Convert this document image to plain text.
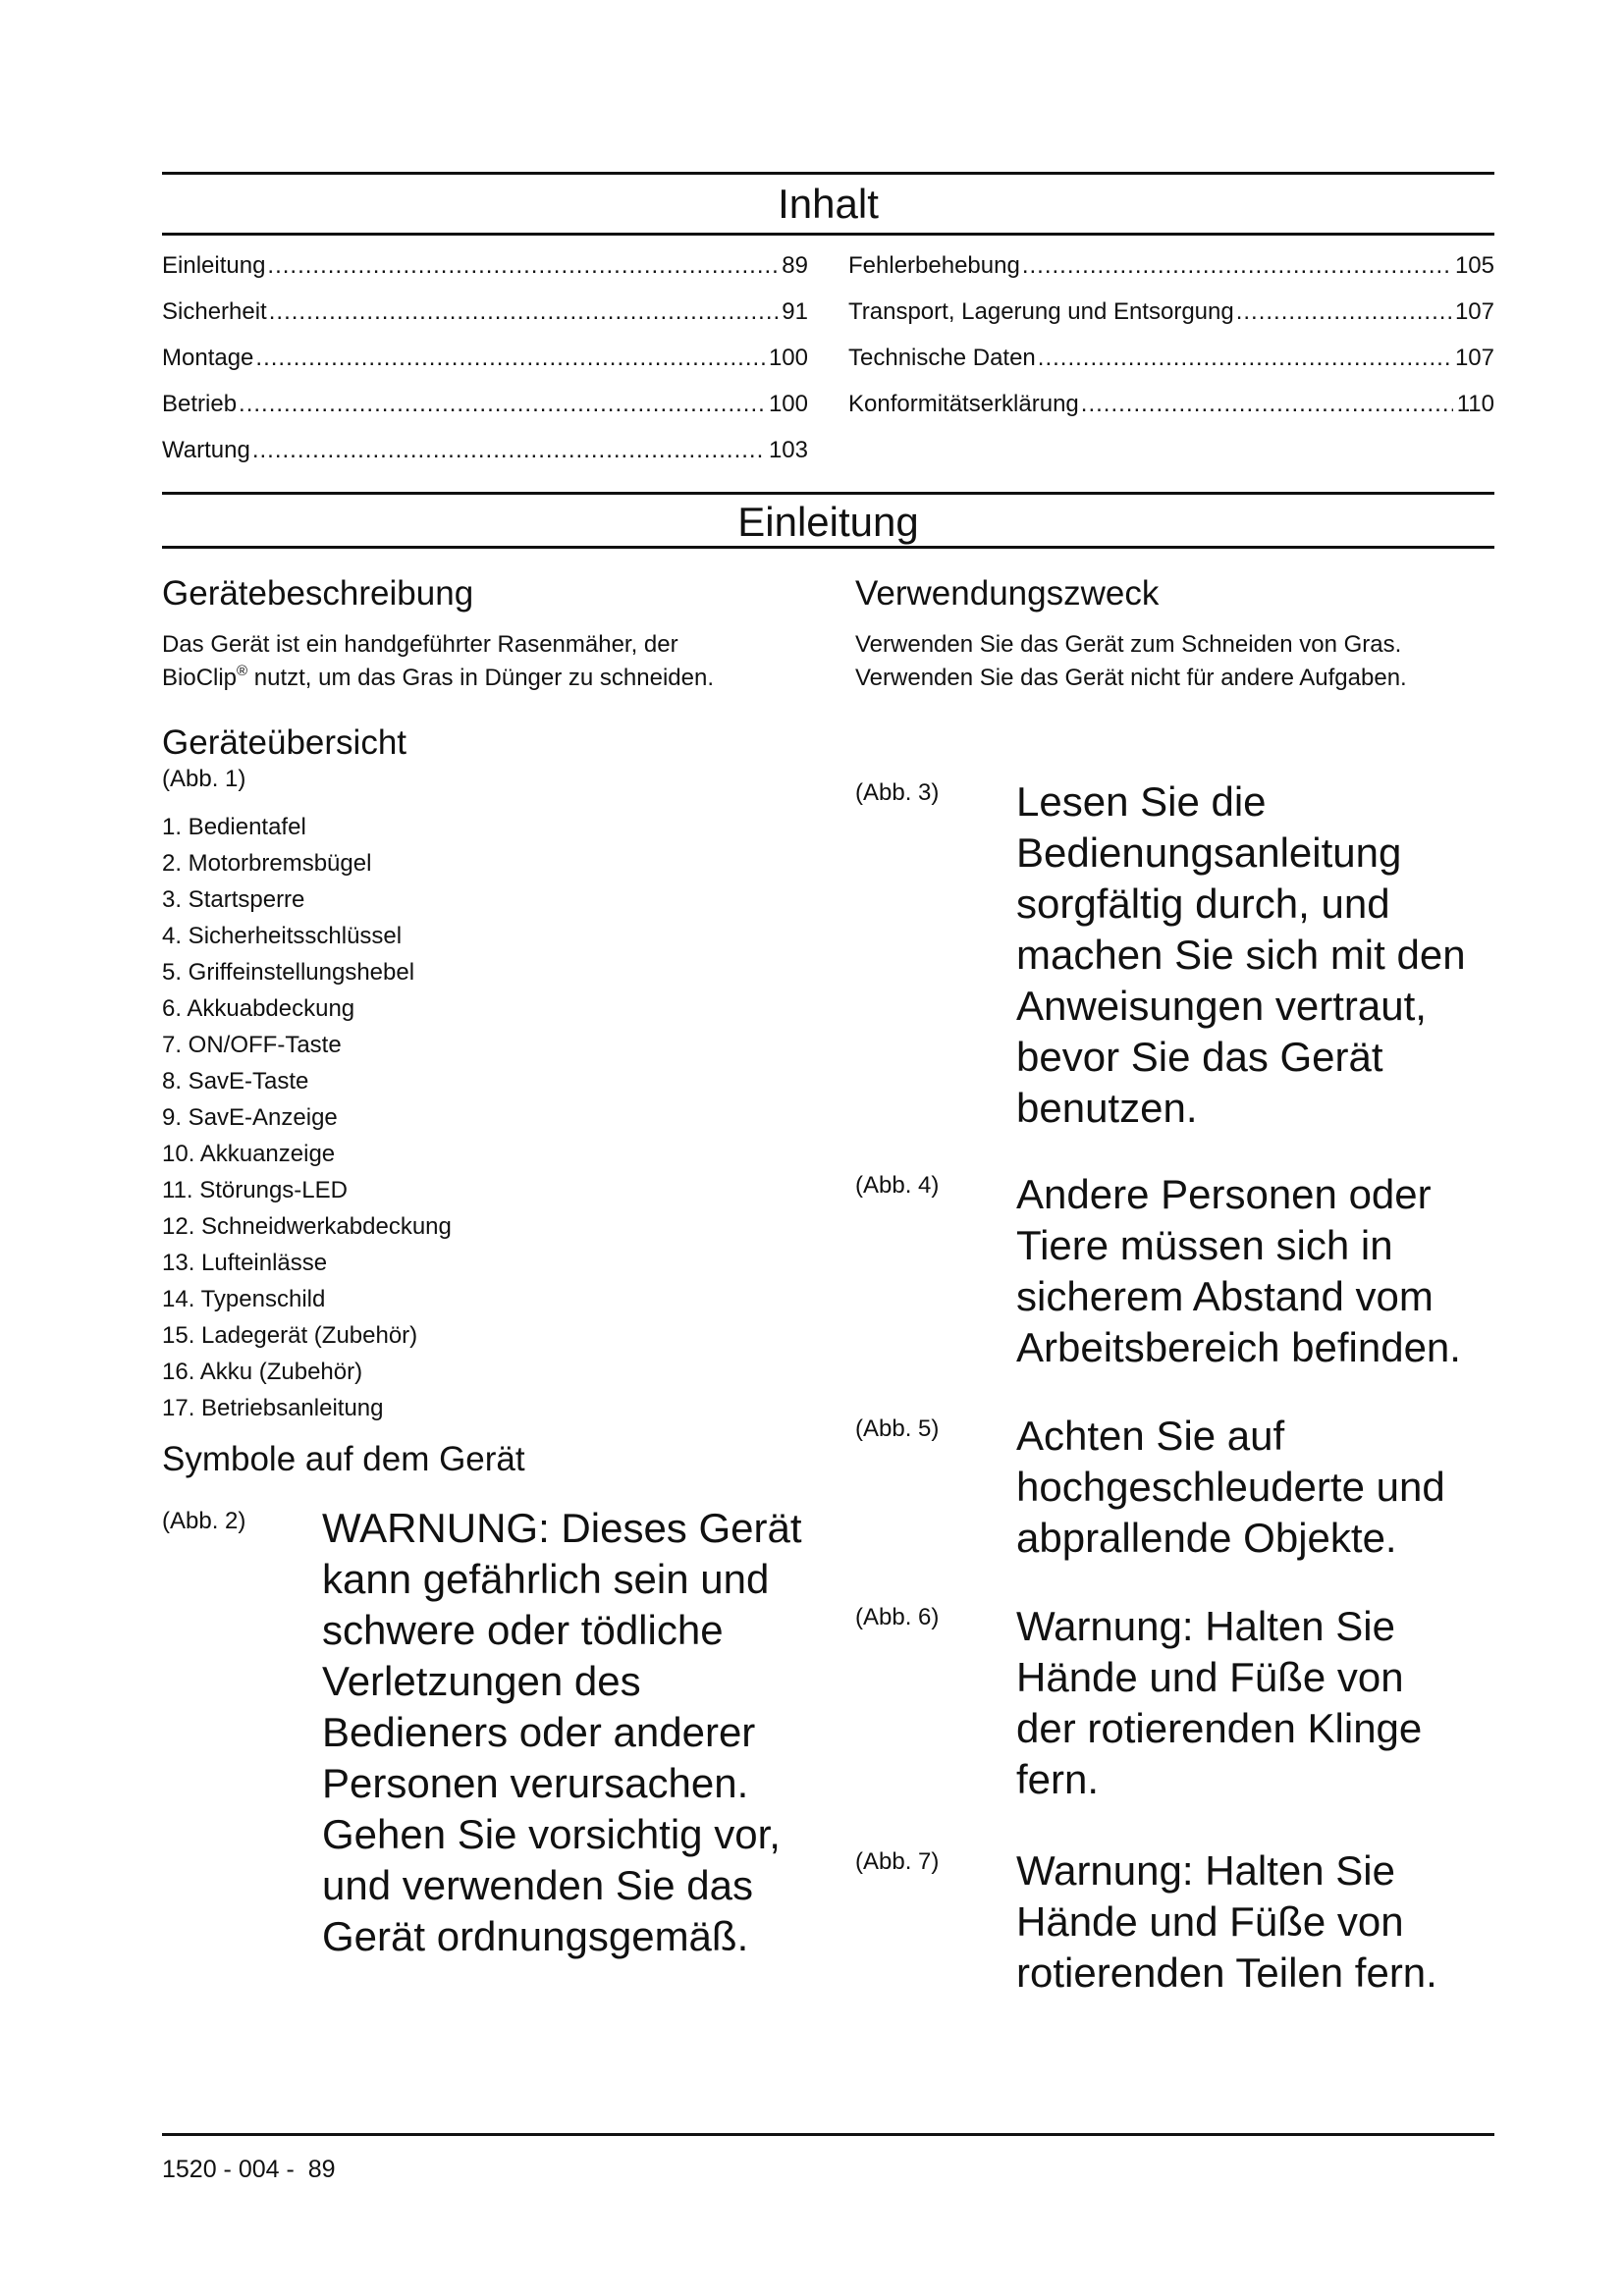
Inhalt
Einleitung .....	89
Sicherheit .....	91
Montage .....	100
Betrieb .....	100
Wartung .....	103
Fehlerbehebung .....	105
Transport, Lagerung und Entsorgung .....	107
Technische Daten .....	107
Konformitätserklärung .....	110
Einleitung
Gerätebeschreibung
Das Gerät ist ein handgeführter Rasenmäher, der
BioClip® nutzt, um das Gras in Dünger zu schneiden.
Geräteübersicht
(Abb. 1)
1. Bedientafel
2. Motorbremsbügel
3. Startsperre
4. Sicherheitsschlüssel
5. Griffeinstellungshebel
6. Akkuabdeckung
7. ON/OFF-Taste
8. SavE-Taste
9. SavE-Anzeige
10. Akkuanzeige
11. Störungs-LED
12. Schneidwerkabdeckung
13. Lufteinlässe
14. Typenschild
15. Ladegerät (Zubehör)
16. Akku (Zubehör)
17. Betriebsanleitung
Symbole auf dem Gerät
(Abb. 2) WARNUNG: Dieses Gerät kann gefährlich sein und schwere oder tödliche Verletzungen des Bedieners oder anderer Personen verursachen. Gehen Sie vorsichtig vor, und verwenden Sie das Gerät ordnungsgemäß.
Verwendungszweck
Verwenden Sie das Gerät zum Schneiden von Gras.
Verwenden Sie das Gerät nicht für andere Aufgaben.
(Abb. 3) Lesen Sie die Bedienungsanleitung sorgfältig durch, und machen Sie sich mit den Anweisungen vertraut, bevor Sie das Gerät benutzen.
(Abb. 4) Andere Personen oder Tiere müssen sich in sicherem Abstand vom Arbeitsbereich befinden.
(Abb. 5) Achten Sie auf hochgeschleuderte und abprallende Objekte.
(Abb. 6) Warnung: Halten Sie Hände und Füße von der rotierenden Klinge fern.
(Abb. 7) Warnung: Halten Sie Hände und Füße von rotierenden Teilen fern.
1520 - 004 -  89
